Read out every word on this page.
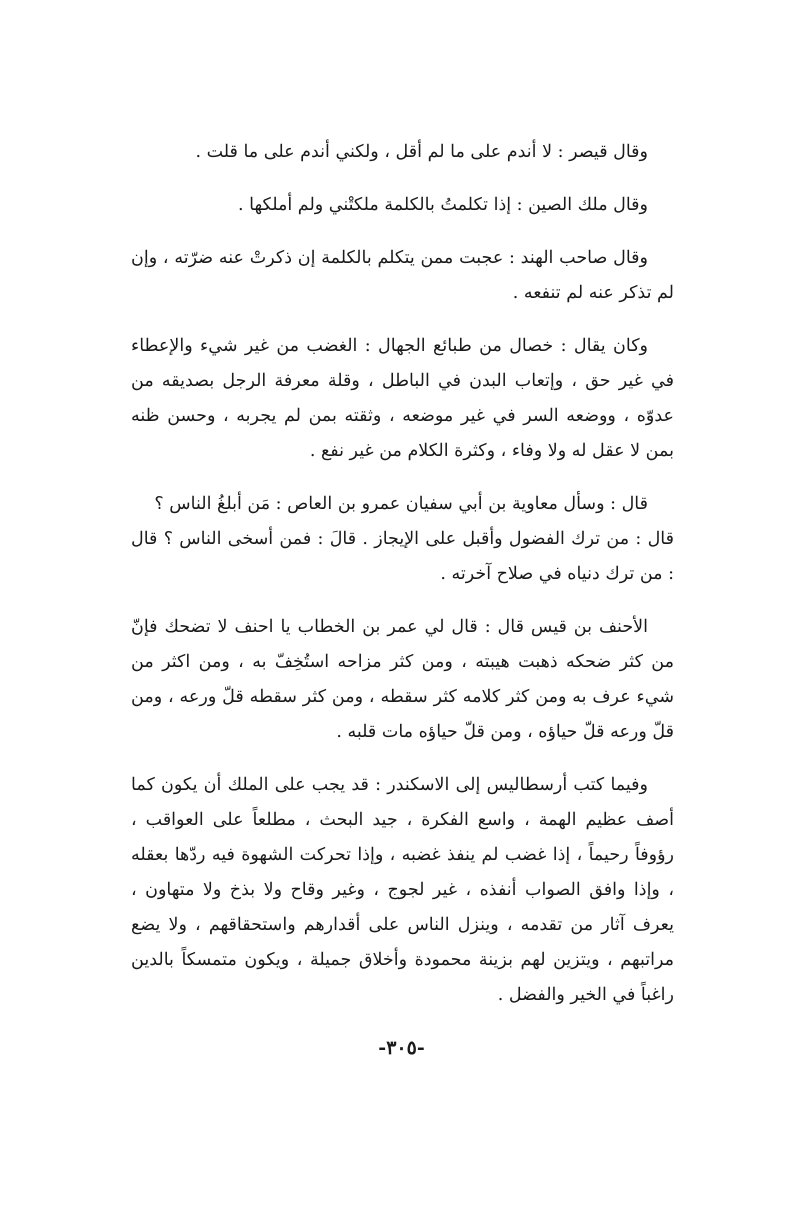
وقال قيصر : لا أندم على ما لم أقل ، ولكني أندم على ما قلت .

وقال ملك الصين : إذا تكلمتُ بالكلمة ملكتْني ولم أملكها .

وقال صاحب الهند : عجبت ممن يتكلم بالكلمة إن ذكرتْ عنه ضرّته ، وإن لم تذكر عنه لم تنفعه .

وكان يقال : خصال من طبائع الجهال : الغضب من غير شيء والإعطاء في غير حق ، وإتعاب البدن في الباطل ، وقلة معرفة الرجل بصديقه من عدوّه ، ووضعه السر في غير موضعه ، وثقته بمن لم يجربه ، وحسن ظنه بمن لا عقل له ولا وفاء ، وكثرة الكلام من غير نفع .

قال : وسأل معاوية بن أبي سفيان عمرو بن العاص : مَن أبلغُ الناس ؟

قال : من ترك الفضول وأقبل على الإيجاز . قالَ : فمن أسخى الناس ؟ قال : من ترك دنياه في صلاح آخرته .

الأحنف بن قيس قال : قال لي عمر بن الخطاب يا احنف لا تضحك فإنّ من كثر ضحكه ذهبت هيبته ، ومن كثر مزاحه استُخِفّ به ، ومن اكثر من شيء عرف به ومن كثر كلامه كثر سقطه ، ومن كثر سقطه قلّ ورعه ، ومن قلّ ورعه قلّ حياؤه ، ومن قلّ حياؤه مات قلبه .

وفيما كتب أرسطاليس إلى الاسكندر : قد يجب على الملك أن يكون كما أصف عظيم الهمة ، واسع الفكرة ، جيد البحث ، مطلعاً على العواقب ، رؤوفاً رحيماً ، إذا غضب لم ينفذ غضبه ، وإذا تحركت الشهوة فيه ردّها بعقله ، وإذا وافق الصواب أنفذه ، غير لجوج ، وغير وقاح ولا بذخ ولا متهاون ، يعرف آثار من تقدمه ، وينزل الناس على أقدارهم واستحقاقهم ، ولا يضع مراتبهم ، ويتزين لهم بزينة محمودة وأخلاق جميلة ، ويكون متمسكاً بالدين راغباً في الخير والفضل .

-٣٠٥-
